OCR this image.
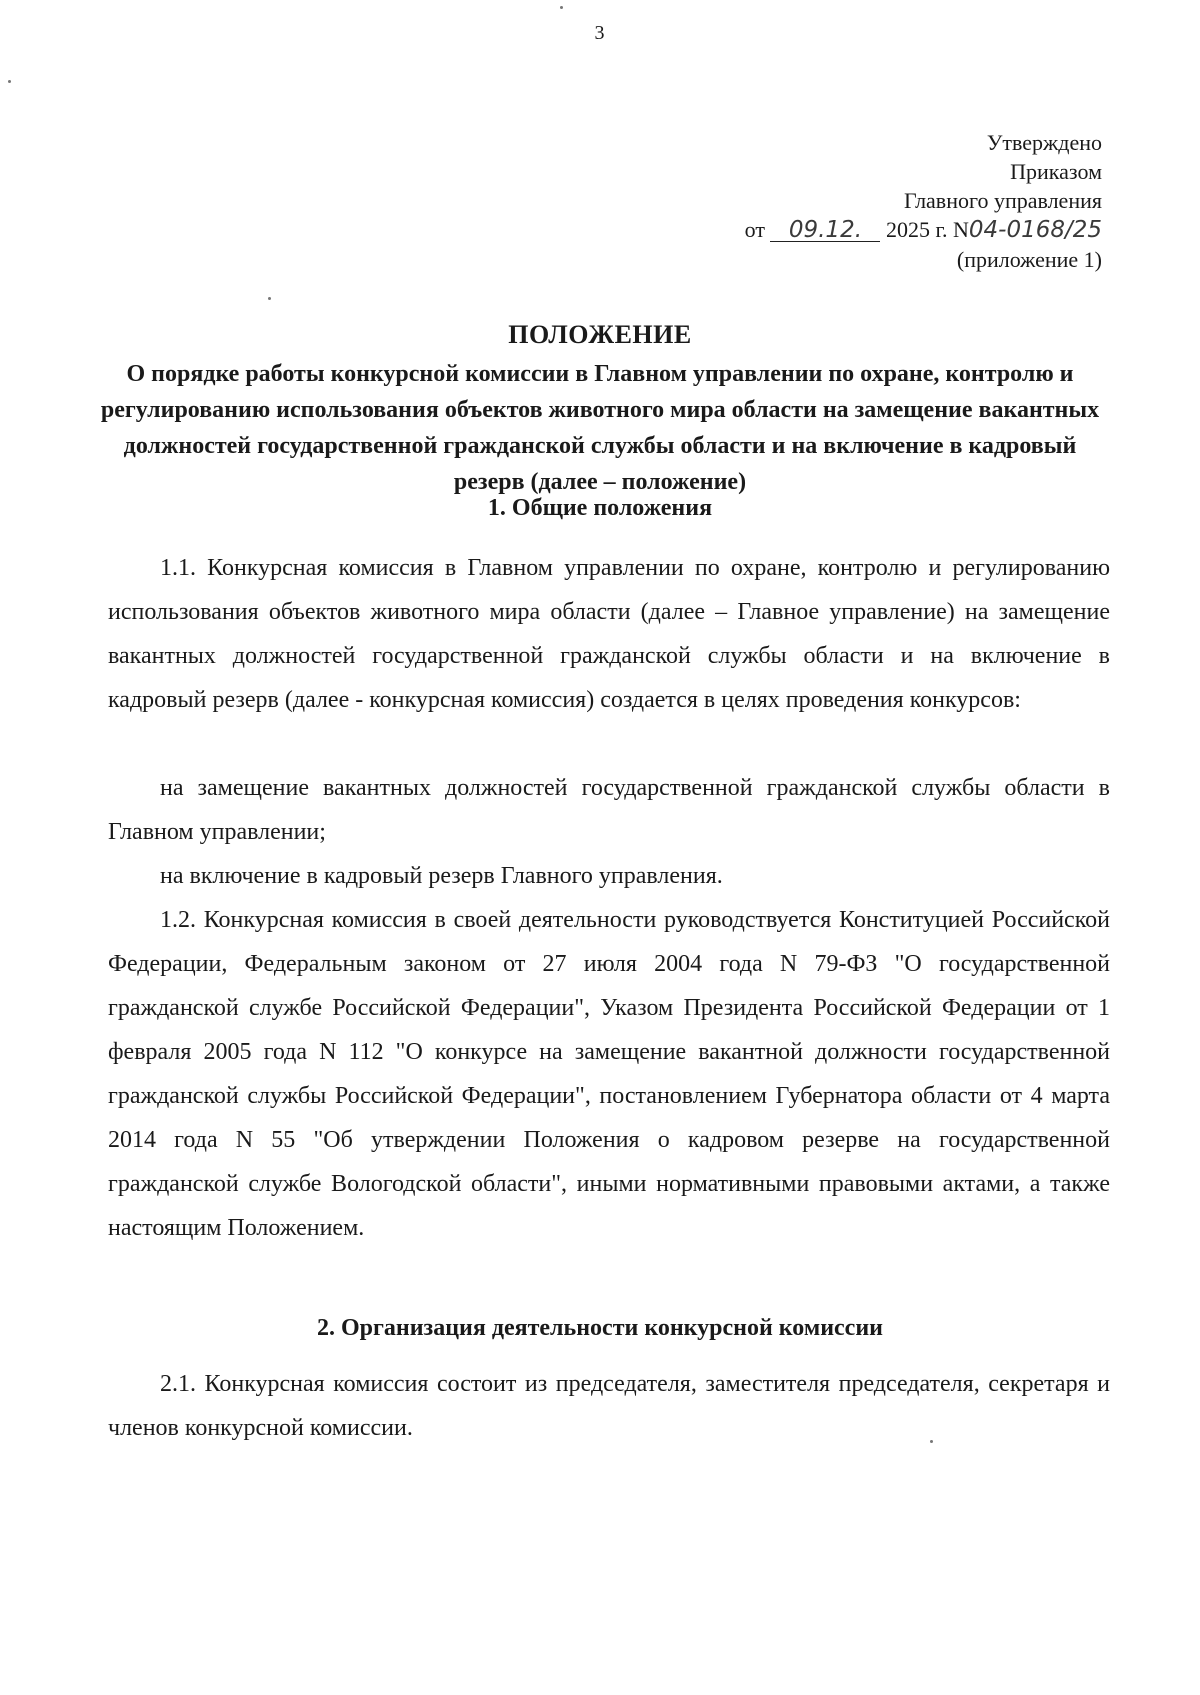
3
Утверждено
Приказом
Главного управления
от 09.12. 2025 г. N04-0168/25
(приложение 1)
ПОЛОЖЕНИЕ
О порядке работы конкурсной комиссии в Главном управлении по охране, контролю и регулированию использования объектов животного мира области на замещение вакантных должностей государственной гражданской службы области и на включение в кадровый резерв (далее – положение)
1. Общие положения

1.1. Конкурсная комиссия в Главном управлении по охране, контролю и регулированию использования объектов животного мира области (далее – Главное управление) на замещение вакантных должностей государственной гражданской службы области и на включение в кадровый резерв (далее - конкурсная комиссия) создается в целях проведения конкурсов:

на замещение вакантных должностей государственной гражданской службы области в Главном управлении;

на включение в кадровый резерв Главного управления.

1.2. Конкурсная комиссия в своей деятельности руководствуется Конституцией Российской Федерации, Федеральным законом от 27 июля 2004 года N 79-ФЗ "О государственной гражданской службе Российской Федерации", Указом Президента Российской Федерации от 1 февраля 2005 года N 112 "О конкурсе на замещение вакантной должности государственной гражданской службы Российской Федерации", постановлением Губернатора области от 4 марта 2014 года N 55 "Об утверждении Положения о кадровом резерве на государственной гражданской службе Вологодской области", иными нормативными правовыми актами, а также настоящим Положением.

2. Организация деятельности конкурсной комиссии

2.1. Конкурсная комиссия состоит из председателя, заместителя председателя, секретаря и членов конкурсной комиссии.
